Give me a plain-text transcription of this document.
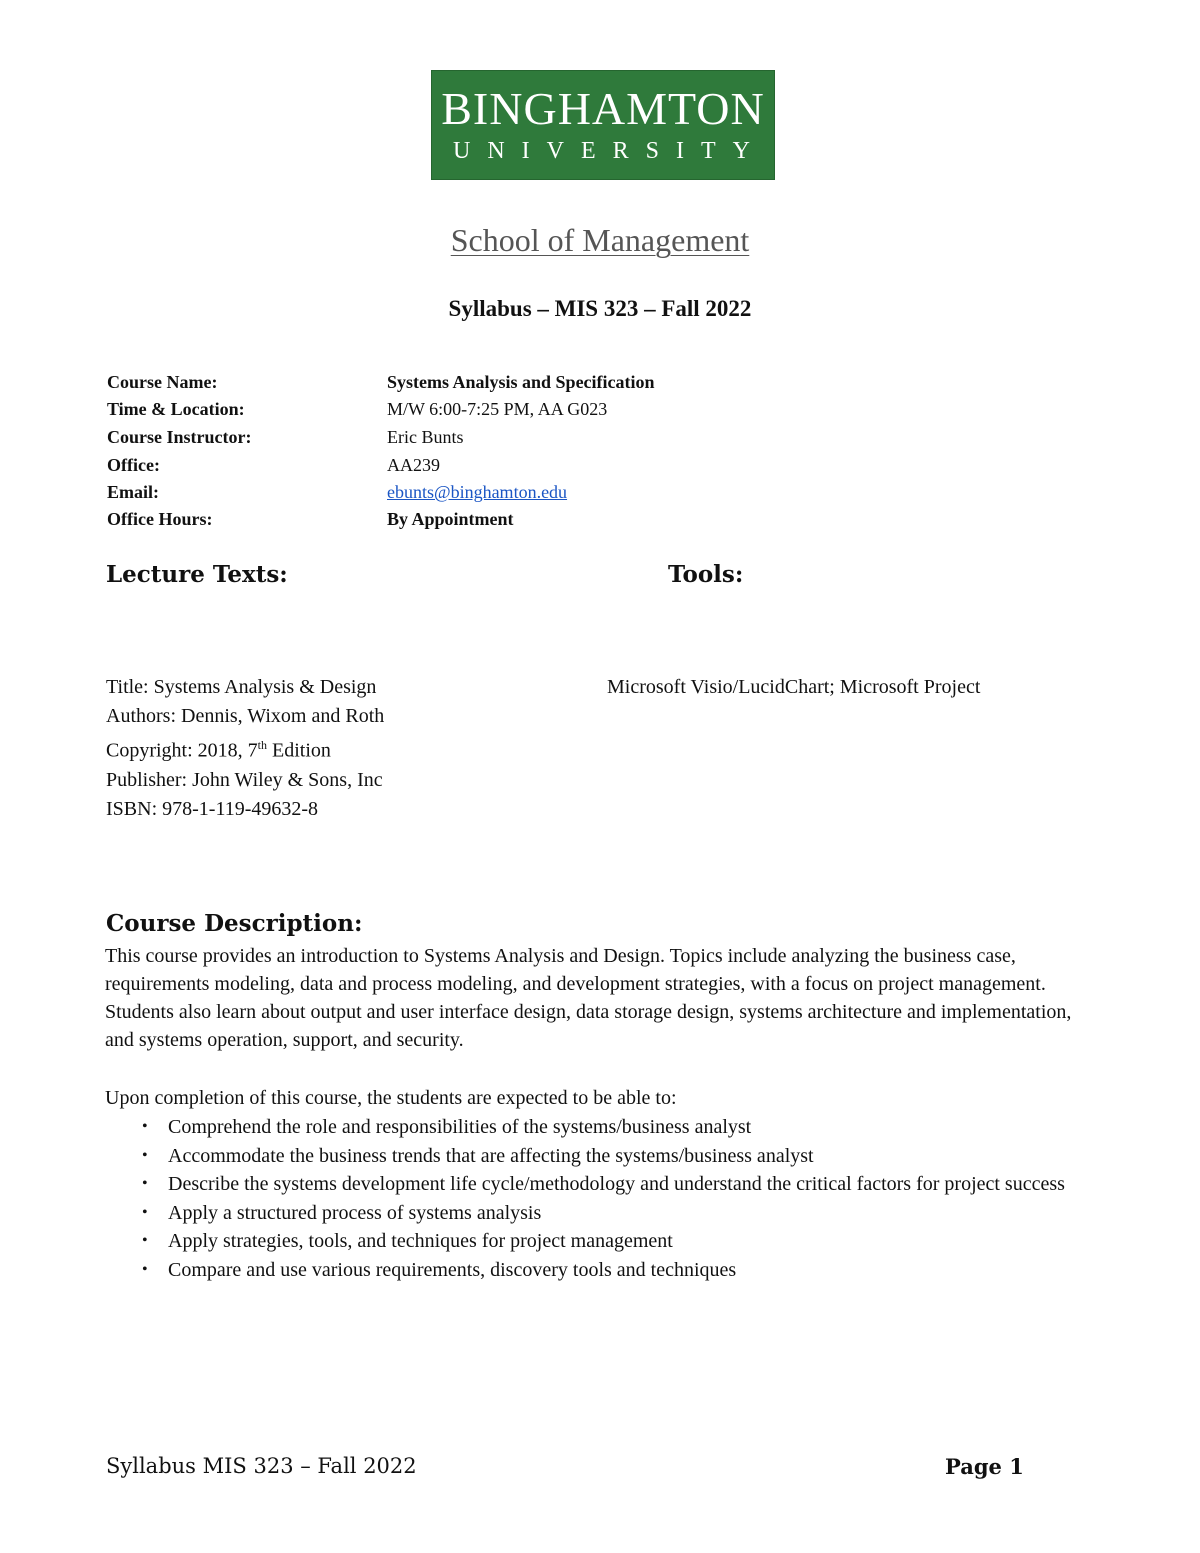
BINGHAMTON
UNIVERSITY
School of Management
Syllabus – MIS 323 – Fall 2022
Course Name:	Systems Analysis and Specification
Time & Location:	M/W 6:00-7:25 PM, AA G023
Course Instructor:	Eric Bunts
Office:	AA239
Email:	ebunts@binghamton.edu
Office Hours:	By Appointment
Lecture Texts:	Tools:
Title: Systems Analysis & Design
Authors: Dennis, Wixom and Roth
Copyright: 2018, 7th Edition
Publisher: John Wiley & Sons, Inc
ISBN: 978-1-119-49632-8
Microsoft Visio/LucidChart; Microsoft Project
Course Description:
This course provides an introduction to Systems Analysis and Design. Topics include analyzing the business case, requirements modeling, data and process modeling, and development strategies, with a focus on project management. Students also learn about output and user interface design, data storage design, systems architecture and implementation, and systems operation, support, and security.
Upon completion of this course, the students are expected to be able to:
• Comprehend the role and responsibilities of the systems/business analyst
• Accommodate the business trends that are affecting the systems/business analyst
• Describe the systems development life cycle/methodology and understand the critical factors for project success
• Apply a structured process of systems analysis
• Apply strategies, tools, and techniques for project management
• Compare and use various requirements, discovery tools and techniques
Syllabus MIS 323 – Fall 2022	Page 1
